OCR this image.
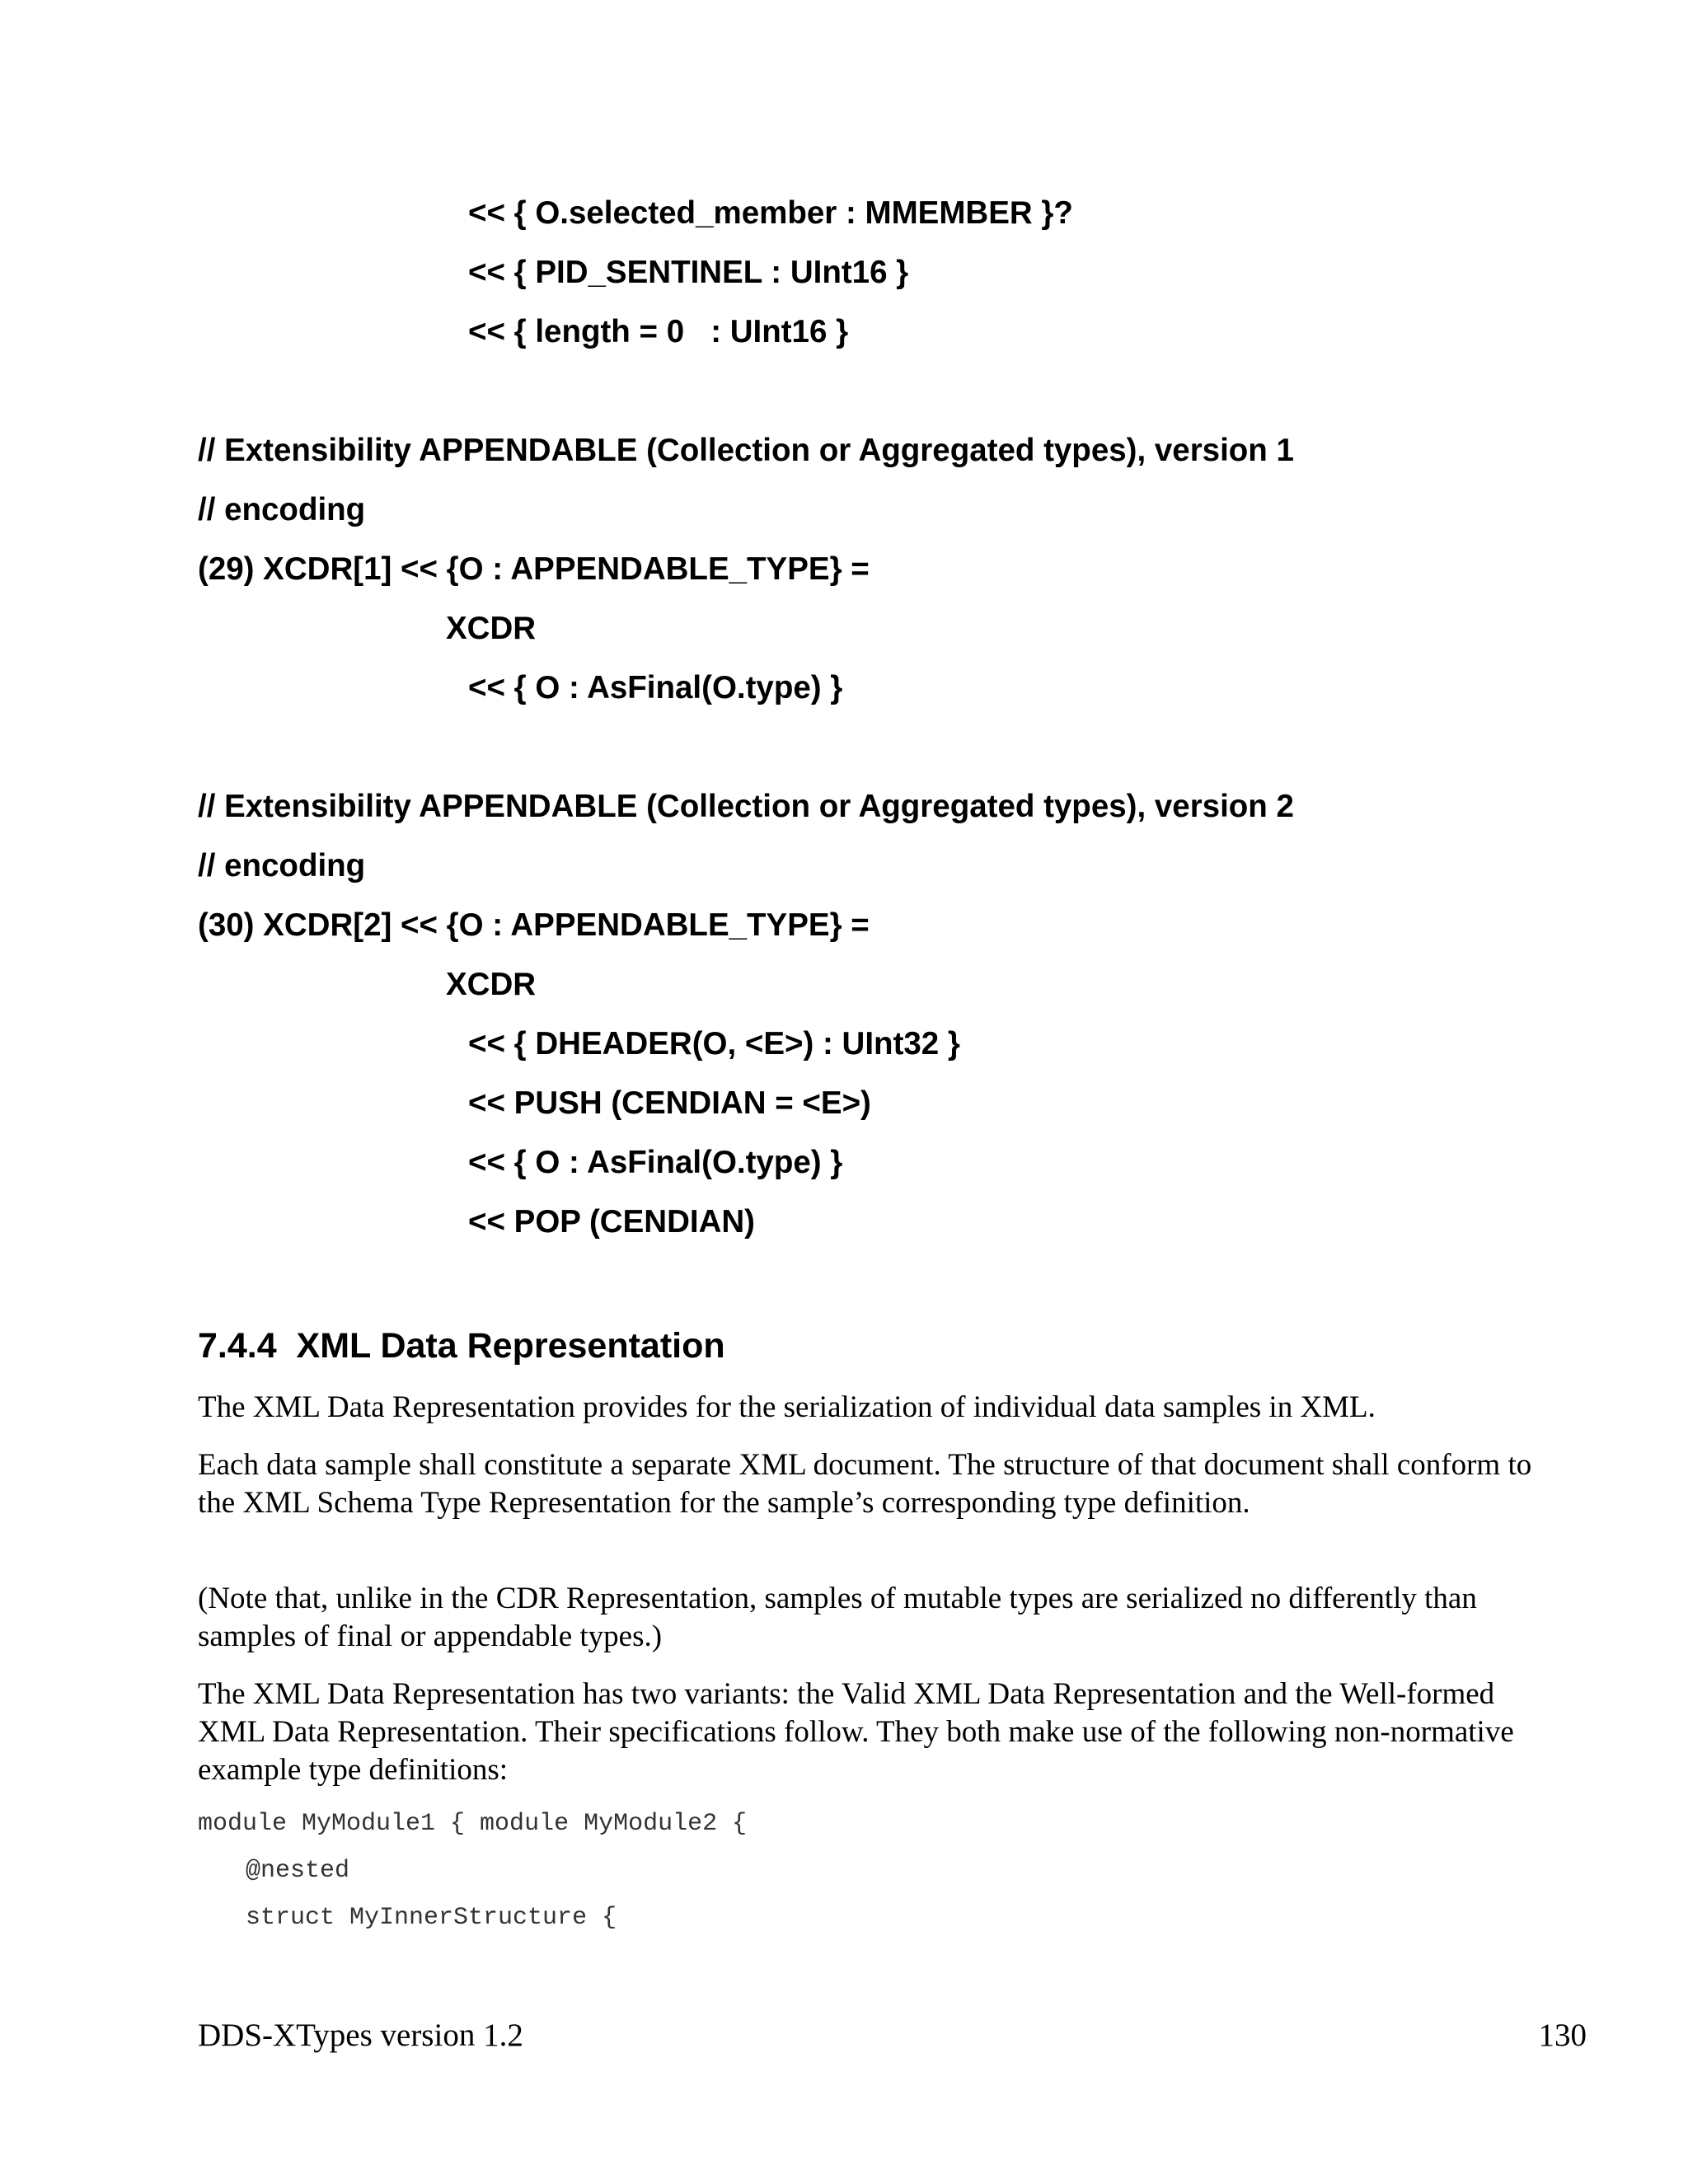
<< { O.selected_member : MMEMBER }?
<< { PID_SENTINEL : UInt16 }
<< { length = 0   : UInt16 }
// Extensibility APPENDABLE (Collection or Aggregated types), version 1
// encoding
(29) XCDR[1] << {O : APPENDABLE_TYPE} =
XCDR
<< { O : AsFinal(O.type) }
// Extensibility APPENDABLE (Collection or Aggregated types), version 2
// encoding
(30) XCDR[2] << {O : APPENDABLE_TYPE} =
XCDR
<< { DHEADER(O, <E>) : UInt32 }
<< PUSH (CENDIAN = <E>)
<< { O : AsFinal(O.type) }
<< POP (CENDIAN)
7.4.4  XML Data Representation
The XML Data Representation provides for the serialization of individual data samples in XML.
Each data sample shall constitute a separate XML document. The structure of that document shall conform to the XML Schema Type Representation for the sample’s corresponding type definition.
(Note that, unlike in the CDR Representation, samples of mutable types are serialized no differently than samples of final or appendable types.)
The XML Data Representation has two variants: the Valid XML Data Representation and the Well-formed XML Data Representation. Their specifications follow. They both make use of the following non-normative example type definitions:
module MyModule1 { module MyModule2 {
@nested
struct MyInnerStructure {
DDS-XTypes version 1.2	130
